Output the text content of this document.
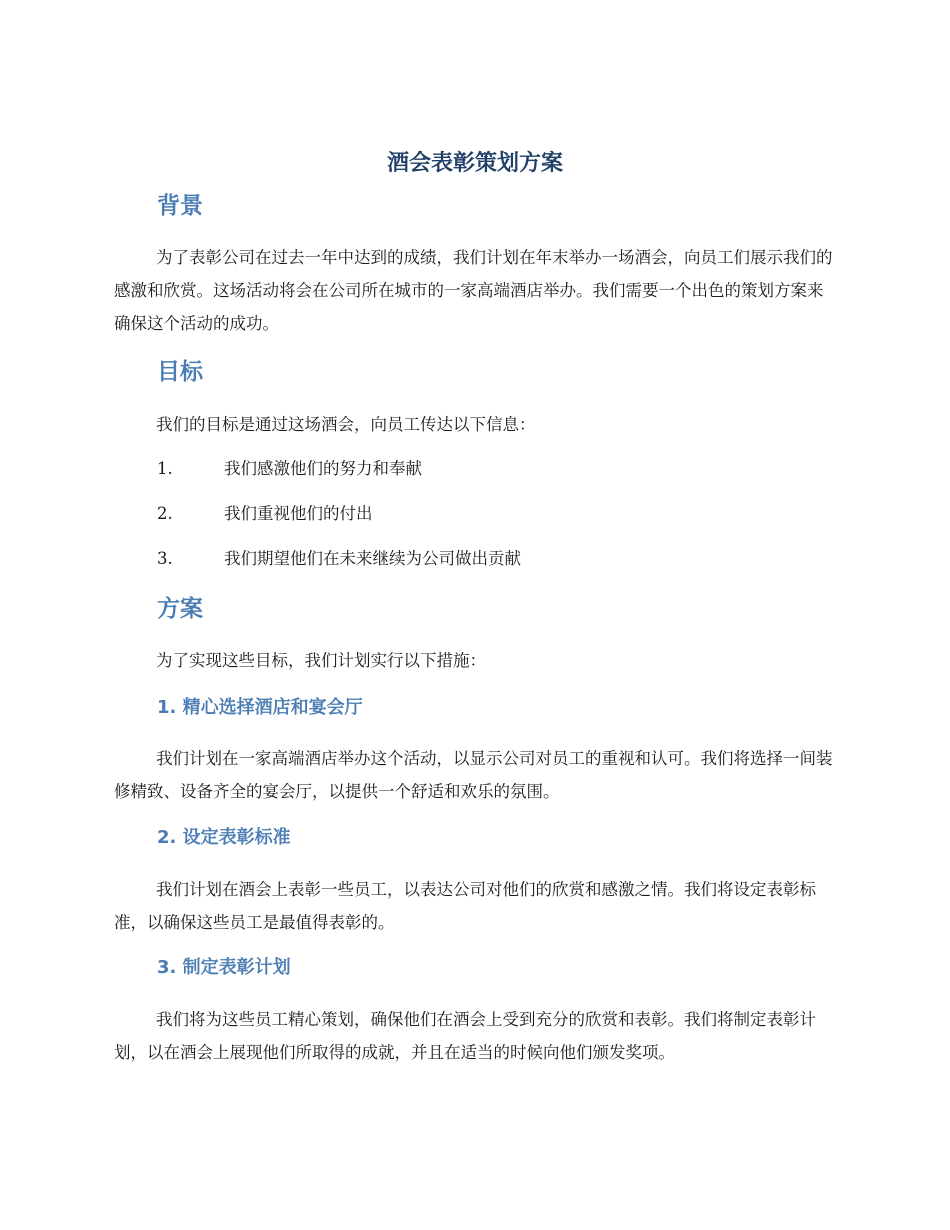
酒会表彰策划方案
背景

为了表彰公司在过去一年中达到的成绩，我们计划在年末举办一场酒会，向员工们展示我们的感激和欣赏。这场活动将会在公司所在城市的一家高端酒店举办。我们需要一个出色的策划方案来确保这个活动的成功。

目标

我们的目标是通过这场酒会，向员工传达以下信息：

1.	我们感激他们的努力和奉献
2.	我们重视他们的付出
3.	我们期望他们在未来继续为公司做出贡献
方案

为了实现这些目标，我们计划实行以下措施：

1. 精心选择酒店和宴会厅

我们计划在一家高端酒店举办这个活动，以显示公司对员工的重视和认可。我们将选择一间装修精致、设备齐全的宴会厅，以提供一个舒适和欢乐的氛围。

2. 设定表彰标准

我们计划在酒会上表彰一些员工，以表达公司对他们的欣赏和感激之情。我们将设定表彰标准，以确保这些员工是最值得表彰的。

3. 制定表彰计划

我们将为这些员工精心策划，确保他们在酒会上受到充分的欣赏和表彰。我们将制定表彰计划，以在酒会上展现他们所取得的成就，并且在适当的时候向他们颁发奖项。
